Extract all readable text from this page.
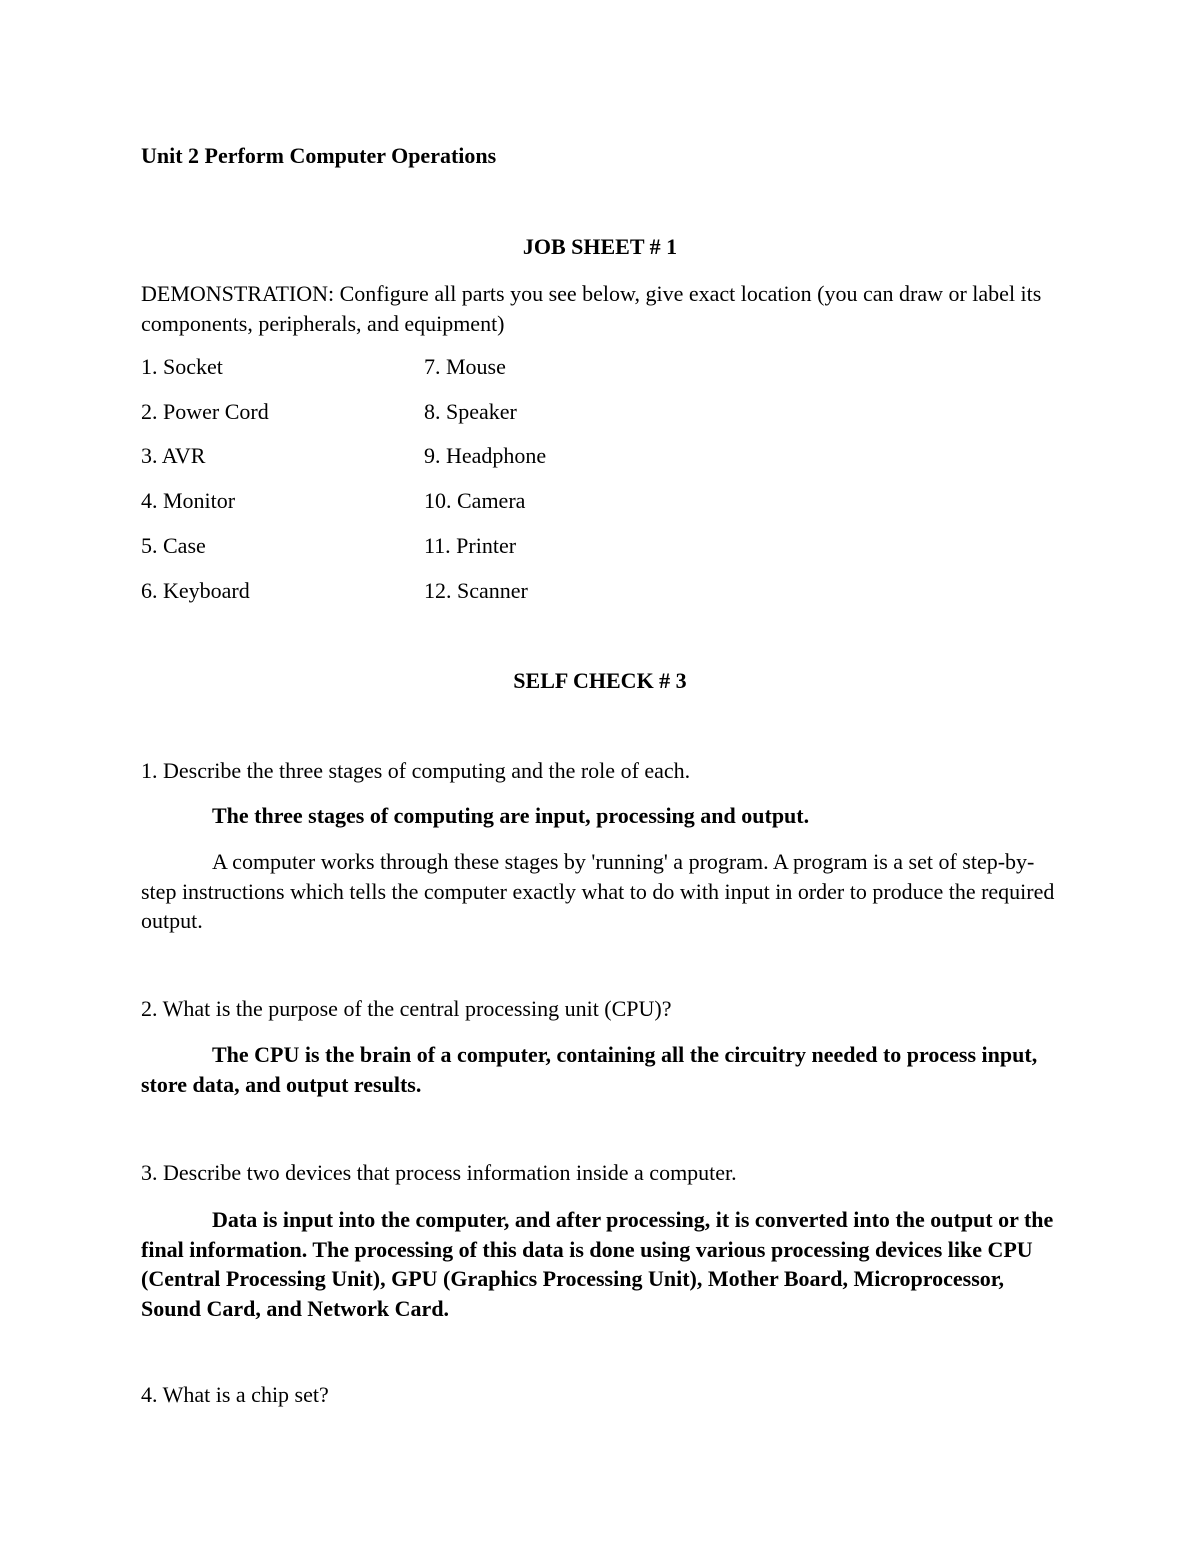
Unit 2 Perform Computer Operations
JOB SHEET # 1
DEMONSTRATION: Configure all parts you see below, give exact location (you can draw or label its components, peripherals, and equipment)
1. Socket
2. Power Cord
3. AVR
4. Monitor
5. Case
6. Keyboard
7. Mouse
8. Speaker
9. Headphone
10. Camera
11. Printer
12. Scanner
SELF CHECK # 3
1. Describe the three stages of computing and the role of each.
The three stages of computing are input, processing and output.
A computer works through these stages by 'running' a program. A program is a set of step-by-step instructions which tells the computer exactly what to do with input in order to produce the required output.
2. What is the purpose of the central processing unit (CPU)?
The CPU is the brain of a computer, containing all the circuitry needed to process input, store data, and output results.
3. Describe two devices that process information inside a computer.
Data is input into the computer, and after processing, it is converted into the output or the final information. The processing of this data is done using various processing devices like CPU (Central Processing Unit), GPU (Graphics Processing Unit), Mother Board, Microprocessor, Sound Card, and Network Card.
4. What is a chip set?
